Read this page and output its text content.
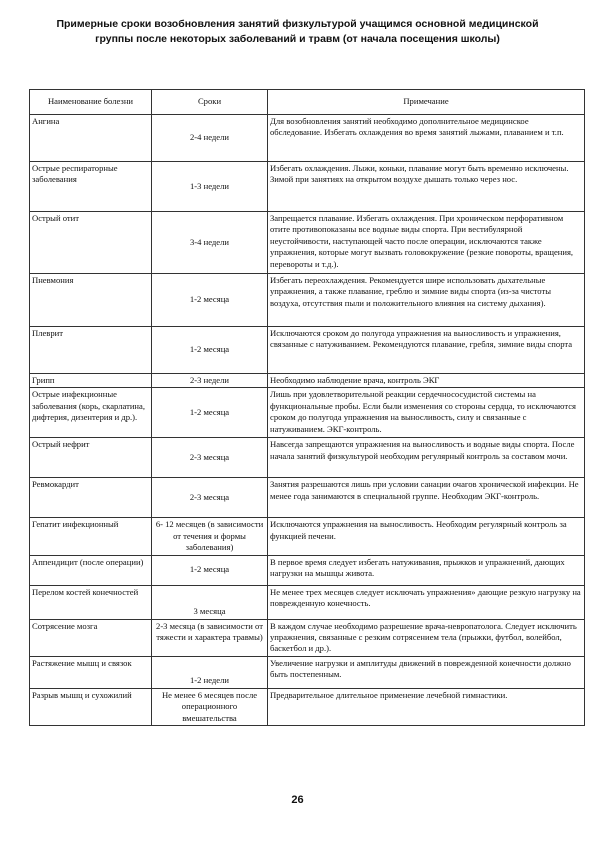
Примерные сроки возобновления занятий физкультурой учащимся основной медицинской
группы после некоторых заболеваний и травм (от начала посещения школы)
Наименование болезни	Сроки	Примечание
Ангина	2-4 недели	Для возобновления занятий необходимо дополнительное медицинское обследование. Избегать охлаждения во время занятий лыжами, плаванием и т.п.
Острые респираторные заболевания	1-3 недели	Избегать охлаждения. Лыжи, коньки, плавание могут быть временно исключены. Зимой при занятиях на открытом воздухе дышать только через нос.
Острый отит	3-4 недели	Запрещается плавание. Избегать охлаждения. При хроническом перфоративном отите противопоказаны все водные виды спорта. При вестибулярной неустойчивости, наступающей часто после операции, исключаются также упражнения, которые могут вызвать головокружение (резкие повороты, вращения, перевороты и т.д.).
Пневмония	1-2 месяца	Избегать переохлаждения. Рекомендуется шире использовать дыхательные упражнения, а также плавание, греблю и зимние виды спорта (из-за чистоты воздуха, отсутствия пыли и положительного влияния на систему дыхания).
Плеврит	1-2 месяца	Исключаются сроком до полугода упражнения на выносливость и упражнения, связанные с натуживанием. Рекомендуются плавание, гребля, зимние виды спорта
Грипп	2-3 недели	Необходимо наблюдение врача, контроль ЭКГ
Острые инфекционные заболевания (корь, скарлатина, дифтерия, дизентерия и др.).	1-2 месяца	Лишь при удовлетворительной реакции сердечнососудистой системы на функциональные пробы. Если были изменения со стороны сердца, то исключаются сроком до полугода упражнения на выносливость, силу и связанные с натуживанием. ЭКГ-контроль.
Острый нефрит	2-3 месяца	Навсегда запрещаются упражнения на выносливость и водные виды спорта. После начала занятий физкультурой необходим регулярный контроль за составом мочи.
Ревмокардит	2-3 месяца	Занятия разрешаются лишь при условии санации очагов хронической инфекции. Не менее года занимаются в специальной группе. Необходим ЭКГ-контроль.
Гепатит инфекционный	6- 12 месяцев (в зависимости от течения и формы заболевания)	Исключаются упражнения на выносливость. Необходим регулярный контроль за функцией печени.
Аппендицит (после операции)	1-2 месяца	В первое время следует избегать натуживания, прыжков и упражнений, дающих нагрузки на мышцы живота.
Перелом костей конечностей	3 месяца	Не менее трех месяцев следует исключать упражнения» дающие резкую нагрузку на поврежденную конечность.
Сотрясение мозга	2-3 месяца (в зависимости от тяжести и характера травмы)	В каждом случае необходимо разрешение врача-невропатолога. Следует исключить упражнения, связанные с резким сотрясением тела (прыжки, футбол, волейбол, баскетбол и др.).
Растяжение мышц и связок	1-2 недели	Увеличение нагрузки и амплитуды движений в поврежденной конечности должно быть постепенным.
Разрыв мышц и сухожилий	Не менее 6 месяцев после операционного вмешательства	Предварительное длительное применение лечебной гимнастики.
26
